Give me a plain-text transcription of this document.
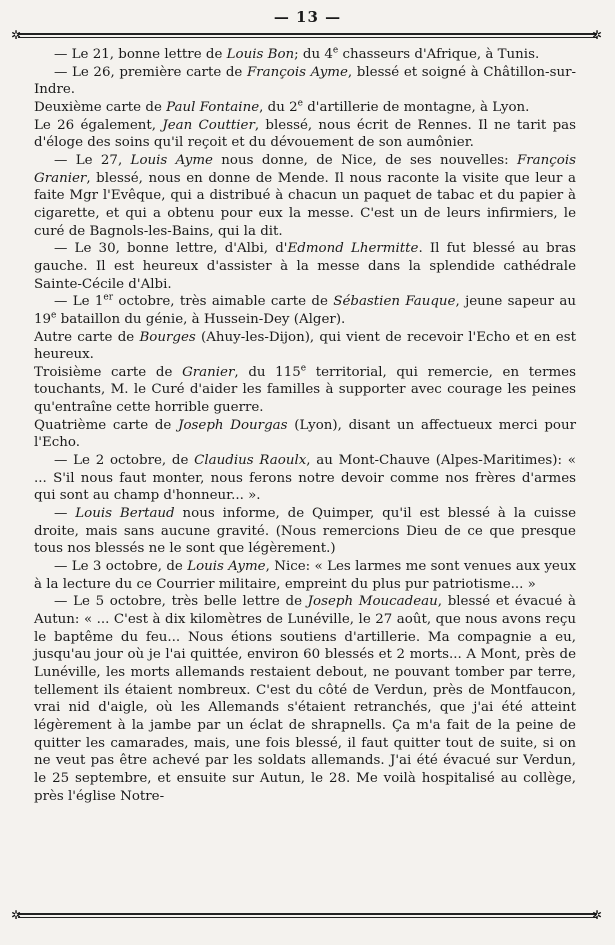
— 13 —
✲	✲
✲	✲

— Le 21, bonne lettre de Louis Bon; du 4e chasseurs d'Afrique, à Tunis.

— Le 26, première carte de François Ayme, blessé et soigné à Châtillon-sur-Indre.

Deuxième carte de Paul Fontaine, du 2e d'artillerie de montagne, à Lyon.

Le 26 également, Jean Couttier, blessé, nous écrit de Rennes. Il ne tarit pas d'éloge des soins qu'il reçoit et du dévouement de son aumônier.

— Le 27, Louis Ayme nous donne, de Nice, de ses nouvelles: François Granier, blessé, nous en donne de Mende. Il nous raconte la visite que leur a faite Mgr l'Evêque, qui a distribué à chacun un paquet de tabac et du papier à cigarette, et qui a obtenu pour eux la messe. C'est un de leurs infirmiers, le curé de Bagnols-les-Bains, qui la dit.

— Le 30, bonne lettre, d'Albi, d'Edmond Lhermitte. Il fut blessé au bras gauche. Il est heureux d'assister à la messe dans la splendide cathédrale Sainte-Cécile d'Albi.

— Le 1er octobre, très aimable carte de Sébastien Fauque, jeune sapeur au 19e bataillon du génie, à Hussein-Dey (Alger).

Autre carte de Bourges (Ahuy-les-Dijon), qui vient de recevoir l'Echo et en est heureux.

Troisième carte de Granier, du 115e territorial, qui remercie, en termes touchants, M. le Curé d'aider les familles à supporter avec courage les peines qu'entraîne cette horrible guerre.

Quatrième carte de Joseph Dourgas (Lyon), disant un affectueux merci pour l'Echo.

— Le 2 octobre, de Claudius Raoulx, au Mont-Chauve (Alpes-Maritimes): « ... S'il nous faut monter, nous ferons notre devoir comme nos frères d'armes qui sont au champ d'honneur... ».

— Louis Bertaud nous informe, de Quimper, qu'il est blessé à la cuisse droite, mais sans aucune gravité. (Nous remercions Dieu de ce que presque tous nos blessés ne le sont que légèrement.)

— Le 3 octobre, de Louis Ayme, Nice: « Les larmes me sont venues aux yeux à la lecture du ce Courrier militaire, empreint du plus pur patriotisme... »

— Le 5 octobre, très belle lettre de Joseph Moucadeau, blessé et évacué à Autun: « ... C'est à dix kilomètres de Lunéville, le 27 août, que nous avons reçu le baptême du feu... Nous étions soutiens d'artillerie. Ma compagnie a eu, jusqu'au jour où je l'ai quittée, environ 60 blessés et 2 morts... A Mont, près de Lunéville, les morts allemands restaient debout, ne pouvant tomber par terre, tellement ils étaient nombreux. C'est du côté de Verdun, près de Montfaucon, vrai nid d'aigle, où les Allemands s'étaient retranchés, que j'ai été atteint légèrement à la jambe par un éclat de shrapnells. Ça m'a fait de la peine de quitter les camarades, mais, une fois blessé, il faut quitter tout de suite, si on ne veut pas être achevé par les soldats allemands. J'ai été évacué sur Verdun, le 25 septembre, et ensuite sur Autun, le 28. Me voilà hospitalisé au collège, près l'église Notre-
